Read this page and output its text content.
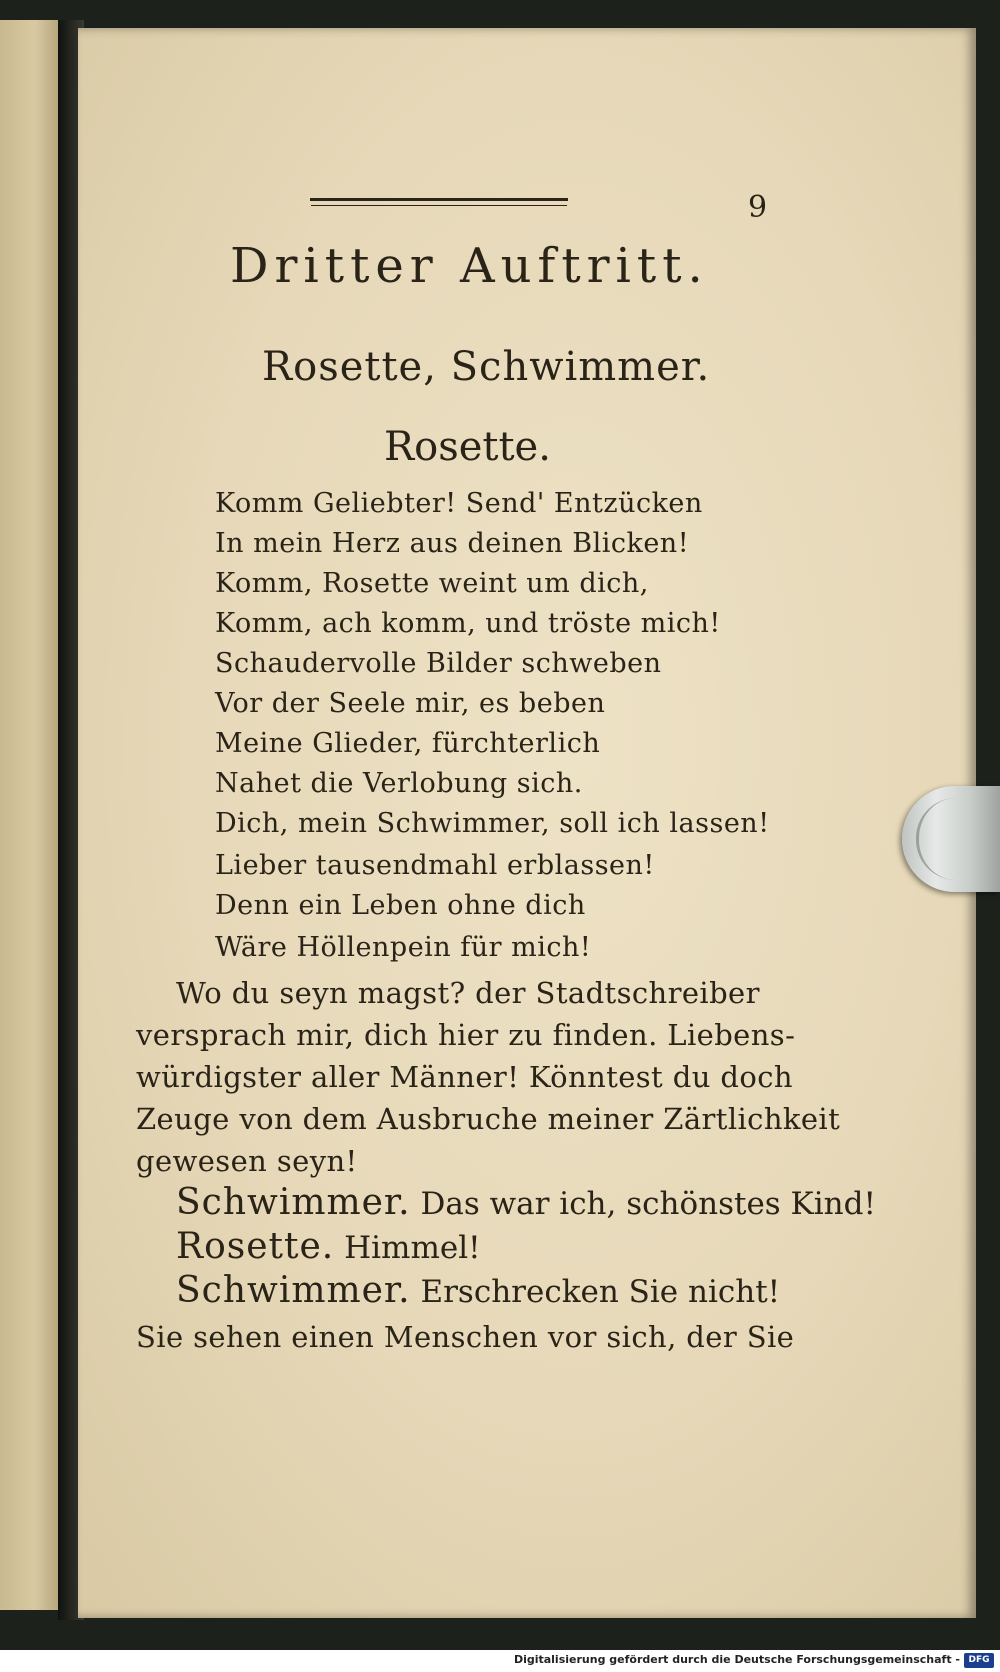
9
Dritter Auftritt.
Rosette, Schwimmer.
Rosette.
Komm Geliebter! Send' Entzücken
In mein Herz aus deinen Blicken!
Komm, Rosette weint um dich,
Komm, ach komm, und tröste mich!
Schaudervolle Bilder schweben
Vor der Seele mir, es beben
Meine Glieder, fürchterlich
Nahet die Verlobung sich.
Dich, mein Schwimmer, soll ich lassen!
Lieber tausendmahl erblassen!
Denn ein Leben ohne dich
Wäre Höllenpein für mich!
Wo du seyn magst? der Stadtschreiber
versprach mir, dich hier zu finden. Liebens-
würdigster aller Männer! Könntest du doch
Zeuge von dem Ausbruche meiner Zärtlichkeit
gewesen seyn!
Schwimmer. Das war ich, schönstes Kind!
Rosette. Himmel!
Schwimmer. Erschrecken Sie nicht!
Sie sehen einen Menschen vor sich, der Sie
Digitalisierung gefördert durch die Deutsche Forschungsgemeinschaft - DFG
